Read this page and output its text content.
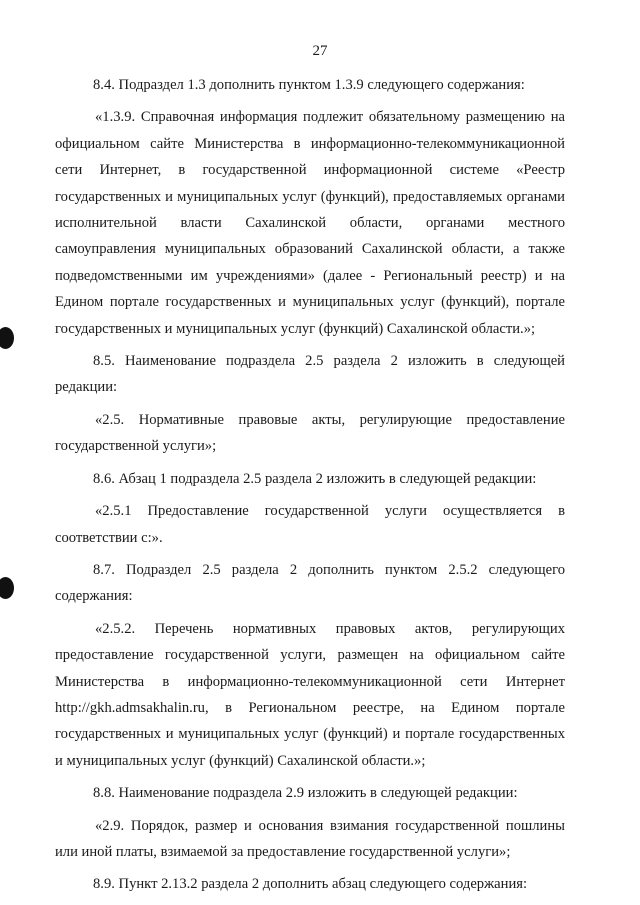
27

8.4. Подраздел 1.3 дополнить пунктом 1.3.9 следующего содержания:

«1.3.9. Справочная информация подлежит обязательному размещению на официальном сайте Министерства в информационно-телекоммуникационной сети Интернет, в государственной информационной системе «Реестр государственных и муниципальных услуг (функций), предоставляемых органами исполнительной власти Сахалинской области, органами местного самоуправления муниципальных образований Сахалинской области, а также подведомственными им учреждениями» (далее - Региональный реестр) и на Едином портале государственных и муниципальных услуг (функций), портале государственных и муниципальных услуг (функций) Сахалинской области.»;

8.5. Наименование подраздела 2.5 раздела 2 изложить в следующей редакции:

«2.5. Нормативные правовые акты, регулирующие предоставление государственной услуги»;

8.6. Абзац 1 подраздела 2.5 раздела 2 изложить в следующей редакции:

«2.5.1 Предоставление государственной услуги осуществляется в соответствии с:».

8.7. Подраздел 2.5 раздела 2 дополнить пунктом 2.5.2 следующего содержания:

«2.5.2. Перечень нормативных правовых актов, регулирующих предоставление государственной услуги, размещен на официальном сайте Министерства в информационно-телекоммуникационной сети Интернет http://gkh.admsakhalin.ru, в Региональном реестре, на Едином портале государственных и муниципальных услуг (функций) и портале государственных и муниципальных услуг (функций) Сахалинской области.»;

8.8. Наименование подраздела 2.9 изложить в следующей редакции:

«2.9. Порядок, размер и основания взимания государственной пошлины или иной платы, взимаемой за предоставление государственной услуги»;

8.9. Пункт 2.13.2 раздела 2 дополнить абзац следующего содержания:
